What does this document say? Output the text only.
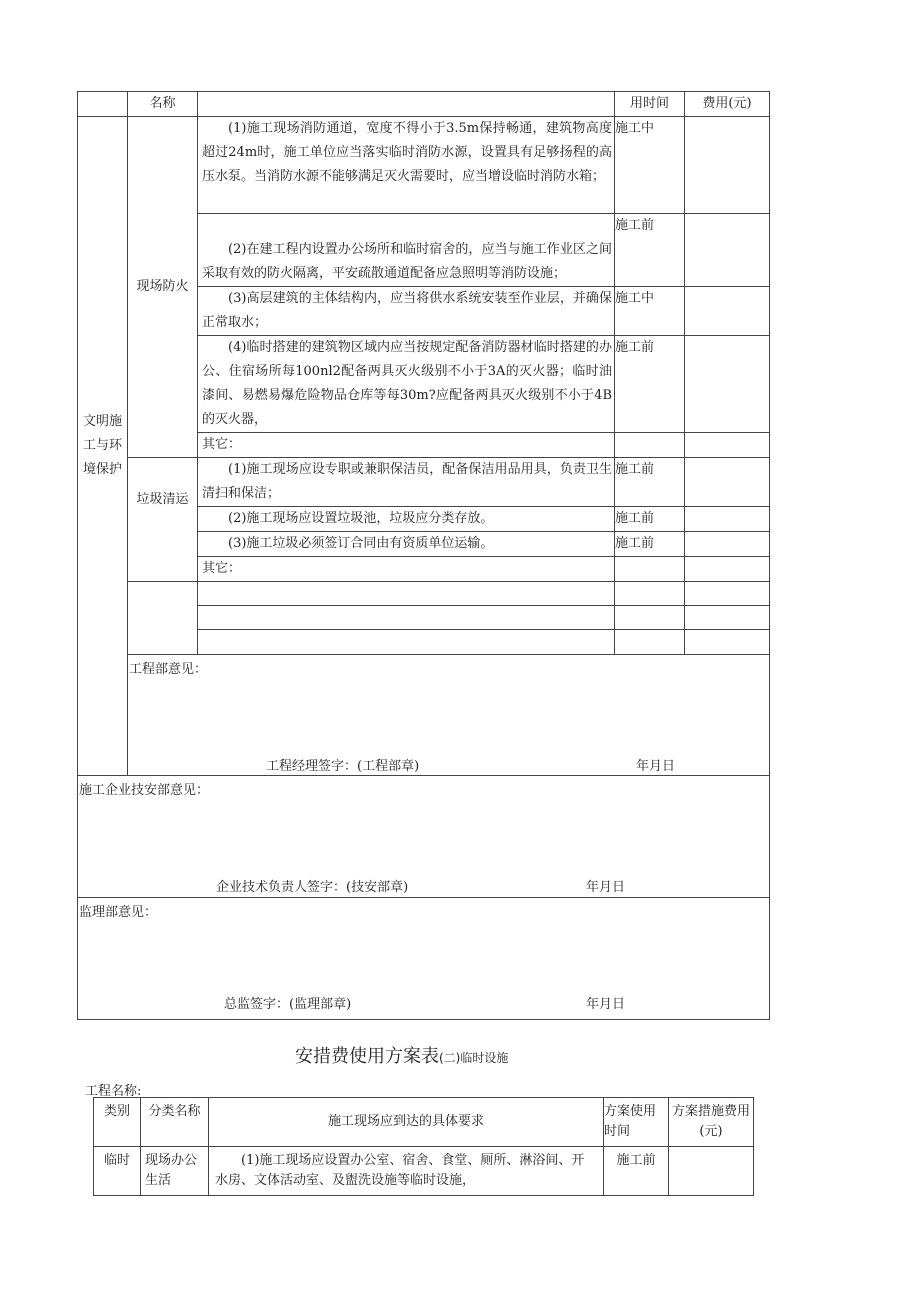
	名称		用时间	费用(元)
文明施工与环境保护	现场防火	(1)施工现场消防通道，宽度不得小于3.5m保持畅通，建筑物高度超过24m时，施工单位应当落实临时消防水源，设置具有足够扬程的高压水泵。当消防水源不能够满足灭火需要时，应当增设临时消防水箱；	施工中	
		(2)在建工程内设置办公场所和临时宿舍的，应当与施工作业区之间采取有效的防火隔离，平安疏散通道配备应急照明等消防设施；	施工前	
		(3)高层建筑的主体结构内，应当将供水系统安装至作业层，并确保正常取水；	施工中	
		(4)临时搭建的建筑物区域内应当按规定配备消防器材临时搭建的办公、住宿场所每100nl2配备两具灭火级别不小于3A的灭火器；临时油漆间、易燃易爆危险物品仓库等每30m?应配备两具灭火级别不小于4B的灭火器，	施工前	
		其它：		
	垃圾清运	(1)施工现场应设专职或兼职保洁员，配备保洁用品用具，负责卫生清扫和保洁；	施工前	
		(2)施工现场应设置垃圾池，垃圾应分类存放。	施工前	
		(3)施工垃圾必须签订合同由有资质单位运输。	施工前	
		其它：		

	工程部意见：
工程经理签字：(工程部章) 年月日			

施工企业技安部意见：
企业技术负责人签字：(技安部章) 年月日				

监理部意见：
总监签字：(监理部章) 年月日				
安措费使用方案表(二)临时设施
工程名称:
类别	分类名称	施工现场应到达的具体要求	方案使用时间	方案措施费用(元)
临时	现场办公生活	(1)施工现场应设置办公室、宿舍、食堂、厕所、淋浴间、开水房、文体活动室、及盥洗设施等临时设施，	施工前	
